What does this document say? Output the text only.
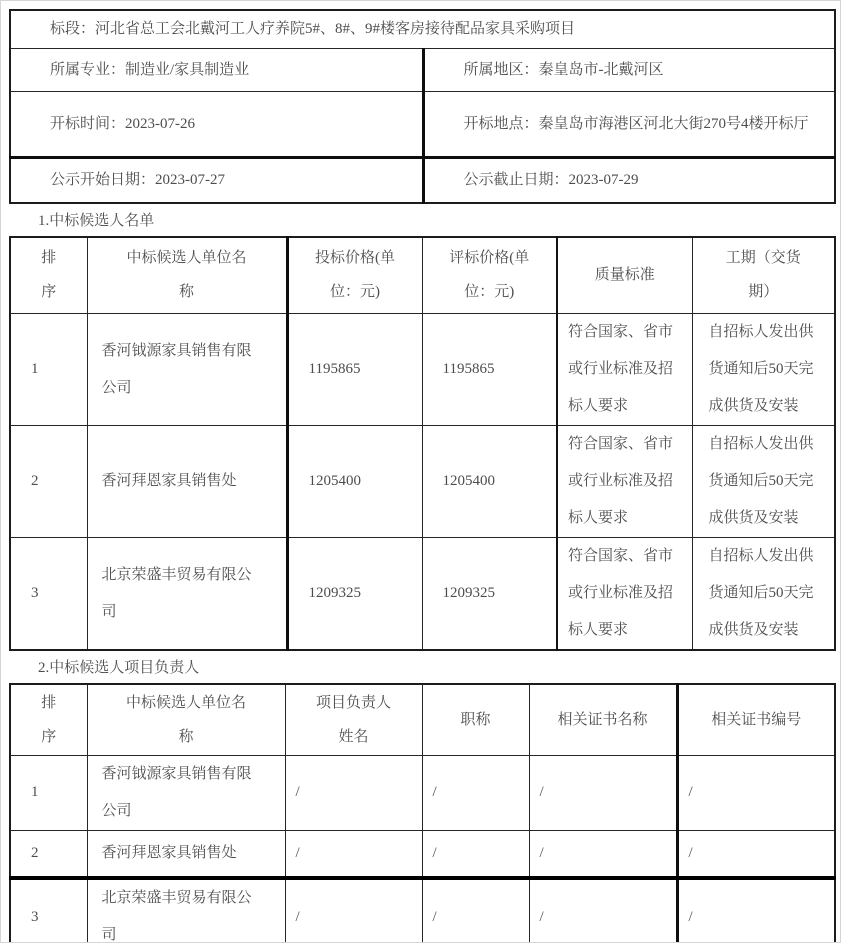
标段：河北省总工会北戴河工人疗养院5#、8#、9#楼客房接待配品家具采购项目	

所属专业：制造业/家具制造业	所属地区：秦皇岛市-北戴河区

开标时间：2023-07-26	开标地点：秦皇岛市海港区河北大街270号4楼开标厅

公示开始日期：2023-07-27	公示截止日期：2023-07-29

1.中标候选人名单
排序	中标候选人单位名称	投标价格(单位：元)	评标价格(单位：元)	质量标准	工期（交货期）
1	香河钺源家具销售有限公司	1195865	1195865	符合国家、省市或行业标准及招标人要求	自招标人发出供货通知后50天完成供货及安装
2	香河拜恩家具销售处	1205400	1205400	符合国家、省市或行业标准及招标人要求	自招标人发出供货通知后50天完成供货及安装
3	北京荣盛丰贸易有限公司	1209325	1209325	符合国家、省市或行业标准及招标人要求	自招标人发出供货通知后50天完成供货及安装
2.中标候选人项目负责人
排序	中标候选人单位名称	项目负责人姓名	职称	相关证书名称	相关证书编号
1	香河钺源家具销售有限公司	/	/	/	/
2	香河拜恩家具销售处	/	/	/	/
3	北京荣盛丰贸易有限公司	/	/	/	/
